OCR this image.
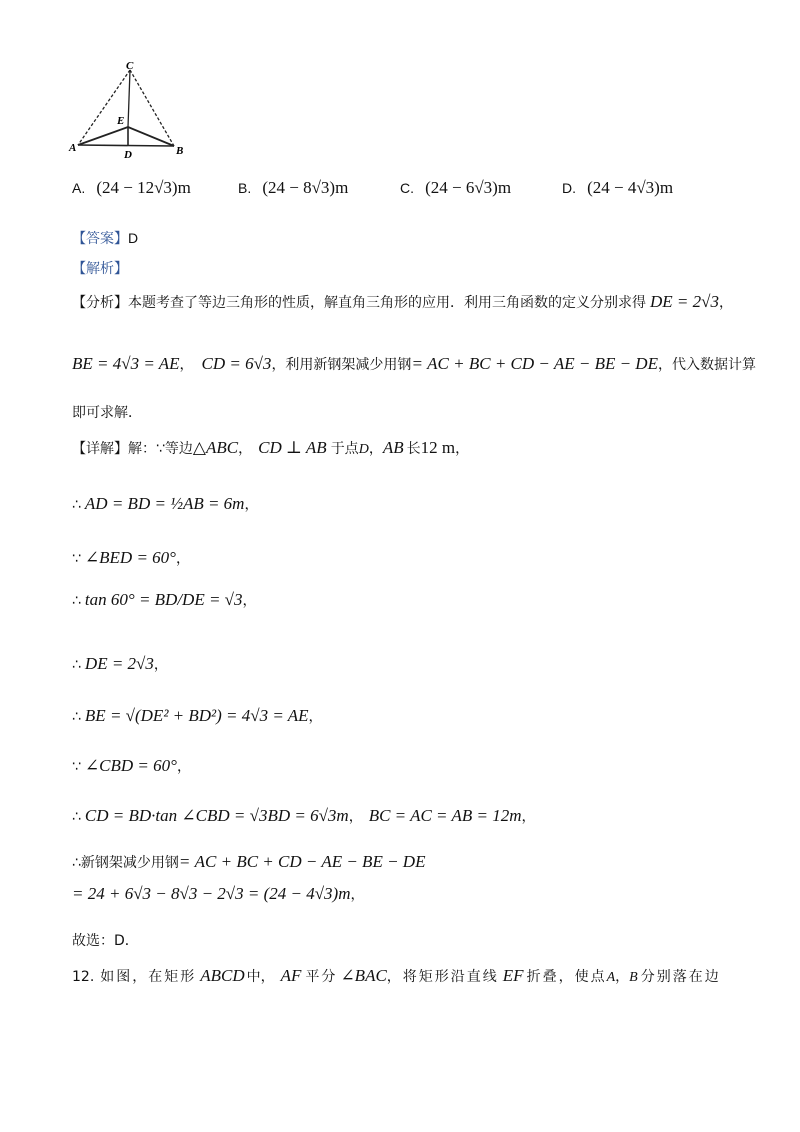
C
E
A
D	B
A. (24 − 12√3)m	B. (24 − 8√3)m	C. (24 − 6√3)m	D. (24 − 4√3)m
【答案】D
【解析】
【分析】本题考查了等边三角形的性质，解直角三角形的应用．利用三角函数的定义分别求得 DE = 2√3，
BE = 4√3 = AE， CD = 6√3，利用新钢架减少用钢= AC + BC + CD − AE − BE − DE，代入数据计算
即可求解．
【详解】解：∵等边△ABC， CD ⊥ AB 于点D，AB 长12 m，
∴ AD = BD = ½AB = 6m，
∵ ∠BED = 60°，
∴ tan 60° = BD/DE = √3，
∴ DE = 2√3，
∴ BE = √(DE² + BD²) = 4√3 = AE，
∵ ∠CBD = 60°，
∴ CD = BD·tan ∠CBD = √3BD = 6√3m， BC = AC = AB = 12m，
∴新钢架减少用钢= AC + BC + CD − AE − BE − DE
= 24 + 6√3 − 8√3 − 2√3 = (24 − 4√3)m，
故选：D．
12. 如图，在矩形 ABCD 中， AF 平分 ∠BAC，将矩形沿直线 EF 折叠，使点A，B 分别落在边
